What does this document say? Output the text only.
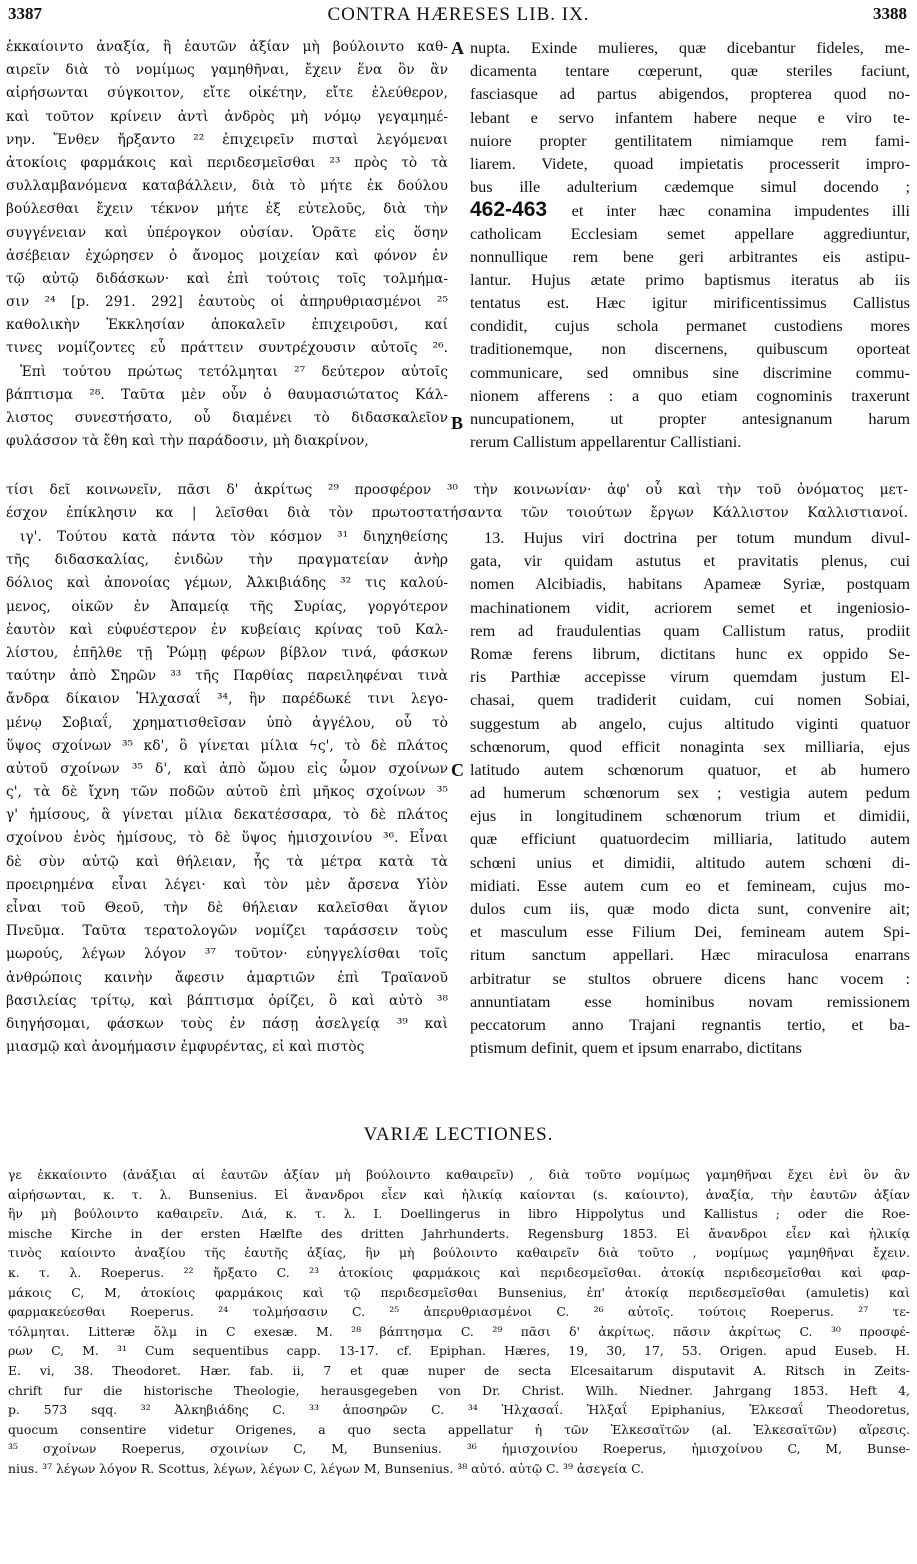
3387	CONTRA HÆRESES LIB. IX.	3388
A
B
C
ἐκκαίοιντο ἀναξία, ἢ ἑαυτῶν ἀξίαν μὴ βούλοιντο καθ-
αιρεῖν διὰ τὸ νομίμως γαμηθῆναι, ἔχειν ἕνα ὃν ἂν
αἱρήσωνται σύγκοιτον, εἴτε οἰκέτην, εἴτε ἐλεύθερον,
καὶ τοῦτον κρίνειν ἀντὶ ἀνδρὸς μὴ νόμῳ γεγαμημέ-
νην. Ἔνθεν ἤρξαντο ²² ἐπιχειρεῖν πισταὶ λεγόμεναι
ἀτοκίοις φαρμάκοις καὶ περιδεσμεῖσθαι ²³ πρὸς τὸ τὰ
συλλαμβανόμενα καταβάλλειν, διὰ τὸ μήτε ἐκ δούλου
βούλεσθαι ἔχειν τέκνον μήτε ἐξ εὐτελοῦς, διὰ τὴν
συγγένειαν καὶ ὑπέρογκον οὐσίαν. Ὁρᾶτε εἰς ὅσην
ἀσέβειαν ἐχώρησεν ὁ ἄνομος μοιχείαν καὶ φόνον ἐν
τῷ αὐτῷ διδάσκων· καὶ ἐπὶ τούτοις τοῖς τολμήμα-
σιν ²⁴ [p. 291. 292] ἑαυτοὺς οἱ ἀπηρυθριασμένοι ²⁵
καθολικὴν Ἐκκλησίαν ἀποκαλεῖν ἐπιχειροῦσι, καί
τινες νομίζοντες εὖ πράττειν συντρέχουσιν αὐτοῖς ²⁶.
Ἐπὶ τούτου πρώτως τετόλμηται ²⁷ δεύτερον αὐτοῖς
βάπτισμα ²⁸. Ταῦτα μὲν οὖν ὁ θαυμασιώτατος Κάλ-
λιστος συνεστήσατο, οὗ διαμένει τὸ διδασκαλεῖον
φυλάσσον τὰ ἔθη καὶ τὴν παράδοσιν, μὴ διακρίνον,
nupta. Exinde mulieres, quæ dicebantur fideles, me-
dicamenta tentare cœperunt, quæ steriles faciunt,
fasciasque ad partus abigendos, propterea quod no-
lebant e servo infantem habere neque e viro te-
nuiore propter gentilitatem nimiamque rem fami-
liarem. Videte, quoad impietatis processerit impro-
bus ille adulterium cædemque simul docendo ;
462-463 et inter hæc conamina impudentes illi
catholicam Ecclesiam semet appellare aggrediuntur,
nonnullique rem bene geri arbitrantes eis astipu-
lantur. Hujus ætate primo baptismus iteratus ab iis
tentatus est. Hæc igitur mirificentissimus Callistus
condidit, cujus schola permanet custodiens mores
traditionemque, non discernens, quibuscum oporteat
communicare, sed omnibus sine discrimine commu-
nionem afferens : a quo etiam cognominis traxerunt
nuncupationem, ut propter antesignanum harum
rerum Callistum appellarentur Callistiani.
τίσι δεῖ κοινωνεῖν, πᾶσι δ' ἀκρίτως ²⁹ προσφέρον ³⁰ τὴν κοινωνίαν· ἀφ' οὗ καὶ τὴν τοῦ ὀνόματος μετ-
έσχον ἐπίκλησιν κα | λεῖσθαι διὰ τὸν πρωτοστατήσαντα τῶν τοιούτων ἔργων Κάλλιστον Καλλιστιανοί.
ιγ'. Τούτου κατὰ πάντα τὸν κόσμον ³¹ διηχηθείσης
τῆς διδασκαλίας, ἐνιδὼν τὴν πραγματείαν ἀνὴρ
δόλιος καὶ ἀπονοίας γέμων, Ἀλκιβιάδης ³² τις καλού-
μενος, οἰκῶν ἐν Ἀπαμείᾳ τῆς Συρίας, γοργότερον
ἑαυτὸν καὶ εὐφυέστερον ἐν κυβείαις κρίνας τοῦ Καλ-
λίστου, ἐπῆλθε τῇ Ῥώμῃ φέρων βίβλον τινά, φάσκων
ταύτην ἀπὸ Σηρῶν ³³ τῆς Παρθίας παρειληφέναι τινὰ
ἄνδρα δίκαιον Ἠλχασαΐ ³⁴, ἣν παρέδωκέ τινι λεγο-
μένῳ Σοβιαΐ, χρηματισθεῖσαν ὑπὸ ἀγγέλου, οὗ τὸ
ὕψος σχοίνων ³⁵ κδ', ὃ γίνεται μίλια ϟς', τὸ δὲ πλάτος
αὐτοῦ σχοίνων ³⁵ δ', καὶ ἀπὸ ὤμου εἰς ὦμον σχοίνων
ς', τὰ δὲ ἴχνη τῶν ποδῶν αὐτοῦ ἐπὶ μῆκος σχοίνων ³⁵
γ' ἡμίσους, ἃ γίνεται μίλια δεκατέσσαρα, τὸ δὲ πλάτος
σχοίνου ἑνὸς ἡμίσους, τὸ δὲ ὕψος ἡμισχοινίου ³⁶. Εἶναι
δὲ σὺν αὐτῷ καὶ θήλειαν, ἧς τὰ μέτρα κατὰ τὰ
προειρημένα εἶναι λέγει· καὶ τὸν μὲν ἄρσενα Υἱὸν
εἶναι τοῦ Θεοῦ, τὴν δὲ θήλειαν καλεῖσθαι ἅγιον
Πνεῦμα. Ταῦτα τερατολογῶν νομίζει ταράσσειν τοὺς
μωρούς, λέγων λόγον ³⁷ τοῦτον· εὐηγγελίσθαι τοῖς
ἀνθρώποις καινὴν ἄφεσιν ἁμαρτιῶν ἐπὶ Τραϊανοῦ
βασιλείας τρίτῳ, καὶ βάπτισμα ὁρίζει, ὃ καὶ αὐτὸ ³⁸
διηγήσομαι, φάσκων τοὺς ἐν πάσῃ ἀσελγείᾳ ³⁹ καὶ
μιασμῷ καὶ ἀνομήμασιν ἐμφυρέντας, εἰ καὶ πιστὸς
13. Hujus viri doctrina per totum mundum divul-
gata, vir quidam astutus et pravitatis plenus, cui
nomen Alcibiadis, habitans Apameæ Syriæ, postquam
machinationem vidit, acriorem semet et ingeniosio-
rem ad fraudulentias quam Callistum ratus, prodiit
Romæ ferens librum, dictitans hunc ex oppido Se-
ris Parthiæ accepisse virum quemdam justum El-
chasai, quem tradiderit cuidam, cui nomen Sobiai,
suggestum ab angelo, cujus altitudo viginti quatuor
schœnorum, quod efficit nonaginta sex milliaria, ejus
latitudo autem schœnorum quatuor, et ab humero
ad humerum schœnorum sex ; vestigia autem pedum
ejus in longitudinem schœnorum trium et dimidii,
quæ efficiunt quatuordecim milliaria, latitudo autem
schœni unius et dimidii, altitudo autem schœni di-
midiati. Esse autem cum eo et femineam, cujus mo-
dulos cum iis, quæ modo dicta sunt, convenire ait;
et masculum esse Filium Dei, femineam autem Spi-
ritum sanctum appellari. Hæc miraculosa enarrans
arbitratur se stultos obruere dicens hanc vocem :
annuntiatam esse hominibus novam remissionem
peccatorum anno Trajani regnantis tertio, et ba-
ptismum definit, quem et ipsum enarrabo, dictitans
VARIÆ LECTIONES.
γε ἐκκαίοιντο (ἀνάξιαι αἱ ἑαυτῶν ἀξίαν μὴ βούλοιντο καθαιρεῖν) , διὰ τοῦτο νομίμως γαμηθῆναι ἔχει ἐνὶ ὃν ἂν
αἱρήσωνται, κ. τ. λ. Bunsenius. Εἰ ἄνανδροι εἶεν καὶ ἡλικίᾳ καίονται (s. καίοιντο), ἀναξία, τὴν ἑαυτῶν ἀξίαν
ἣν μὴ βούλοιντο καθαιρεῖν. Διά, κ. τ. λ. I. Doellingerus in libro Hippolytus und Kallistus ; oder die Roe-
mische Kirche in der ersten Hælfte des dritten Jahrhunderts. Regensburg 1853. Εἰ ἄνανδροι εἶεν καὶ ἡλικίᾳ
τινὸς καίοιντο ἀναξίου τῆς ἑαυτῆς ἀξίας, ἣν μὴ βούλοιντο καθαιρεῖν διὰ τοῦτο , νομίμως γαμηθῆναι ἔχειν.
κ. τ. λ. Roeperus. ²² ἤρξατο C. ²³ ἀτοκίοις φαρμάκοις καὶ περιδεσμεῖσθαι. ἀτοκίᾳ περιδεσμεῖσθαι καὶ φαρ-
μάκοις C, M, ἀτοκίοις φαρμάκοις καὶ τῷ περιδεσμεῖσθαι Bunsenius, ἐπ' ἀτοκίᾳ περιδεσμεῖσθαι (amuletis) καὶ
φαρμακεύεσθαι Roeperus. ²⁴ τολμήσασιν C. ²⁵ ἀπερυθριασμένοι C. ²⁶ αὐτοῖς. τούτοις Roeperus. ²⁷ τε-
τόλμηται. Litteræ ὅλμ in C exesæ. M. ²⁸ βάπτησμα C. ²⁹ πᾶσι δ' ἀκρίτως. πᾶσιν ἀκρίτως C. ³⁰ προσφέ-
ρων C, M. ³¹ Cum sequentibus capp. 13-17. cf. Epiphan. Hæres, 19, 30, 17, 53. Origen. apud Euseb. H.
E. vi, 38. Theodoret. Hær. fab. ii, 7 et quæ nuper de secta Elcesaitarum disputavit A. Ritsch in Zeits-
chrift fur die historische Theologie, herausgegeben von Dr. Christ. Wilh. Niedner. Jahrgang 1853. Heft 4,
p. 573 sqq. ³² Ἀλκηβιάδης C. ³³ ἀποσηρῶν C. ³⁴ Ἠλχασαΐ. Ἠλξαΐ Epiphanius, Ἐλκεσαΐ Theodoretus,
quocum consentire videtur Origenes, a quo secta appellatur ἡ τῶν Ἐλκεσαϊτῶν (al. Ἑλκεσαϊτῶν) αἵρεσις.
³⁵ σχοίνων Roeperus, σχοινίων C, M, Bunsenius. ³⁶ ἡμισχοινίου Roeperus, ἡμισχοίνου C, M, Bunse-
nius. ³⁷ λέγων λόγον R. Scottus, λέγων, λέγων C, λέγων M, Bunsenius. ³⁸ αὐτό. αὐτῷ C. ³⁹ ἀσεγεία C.
